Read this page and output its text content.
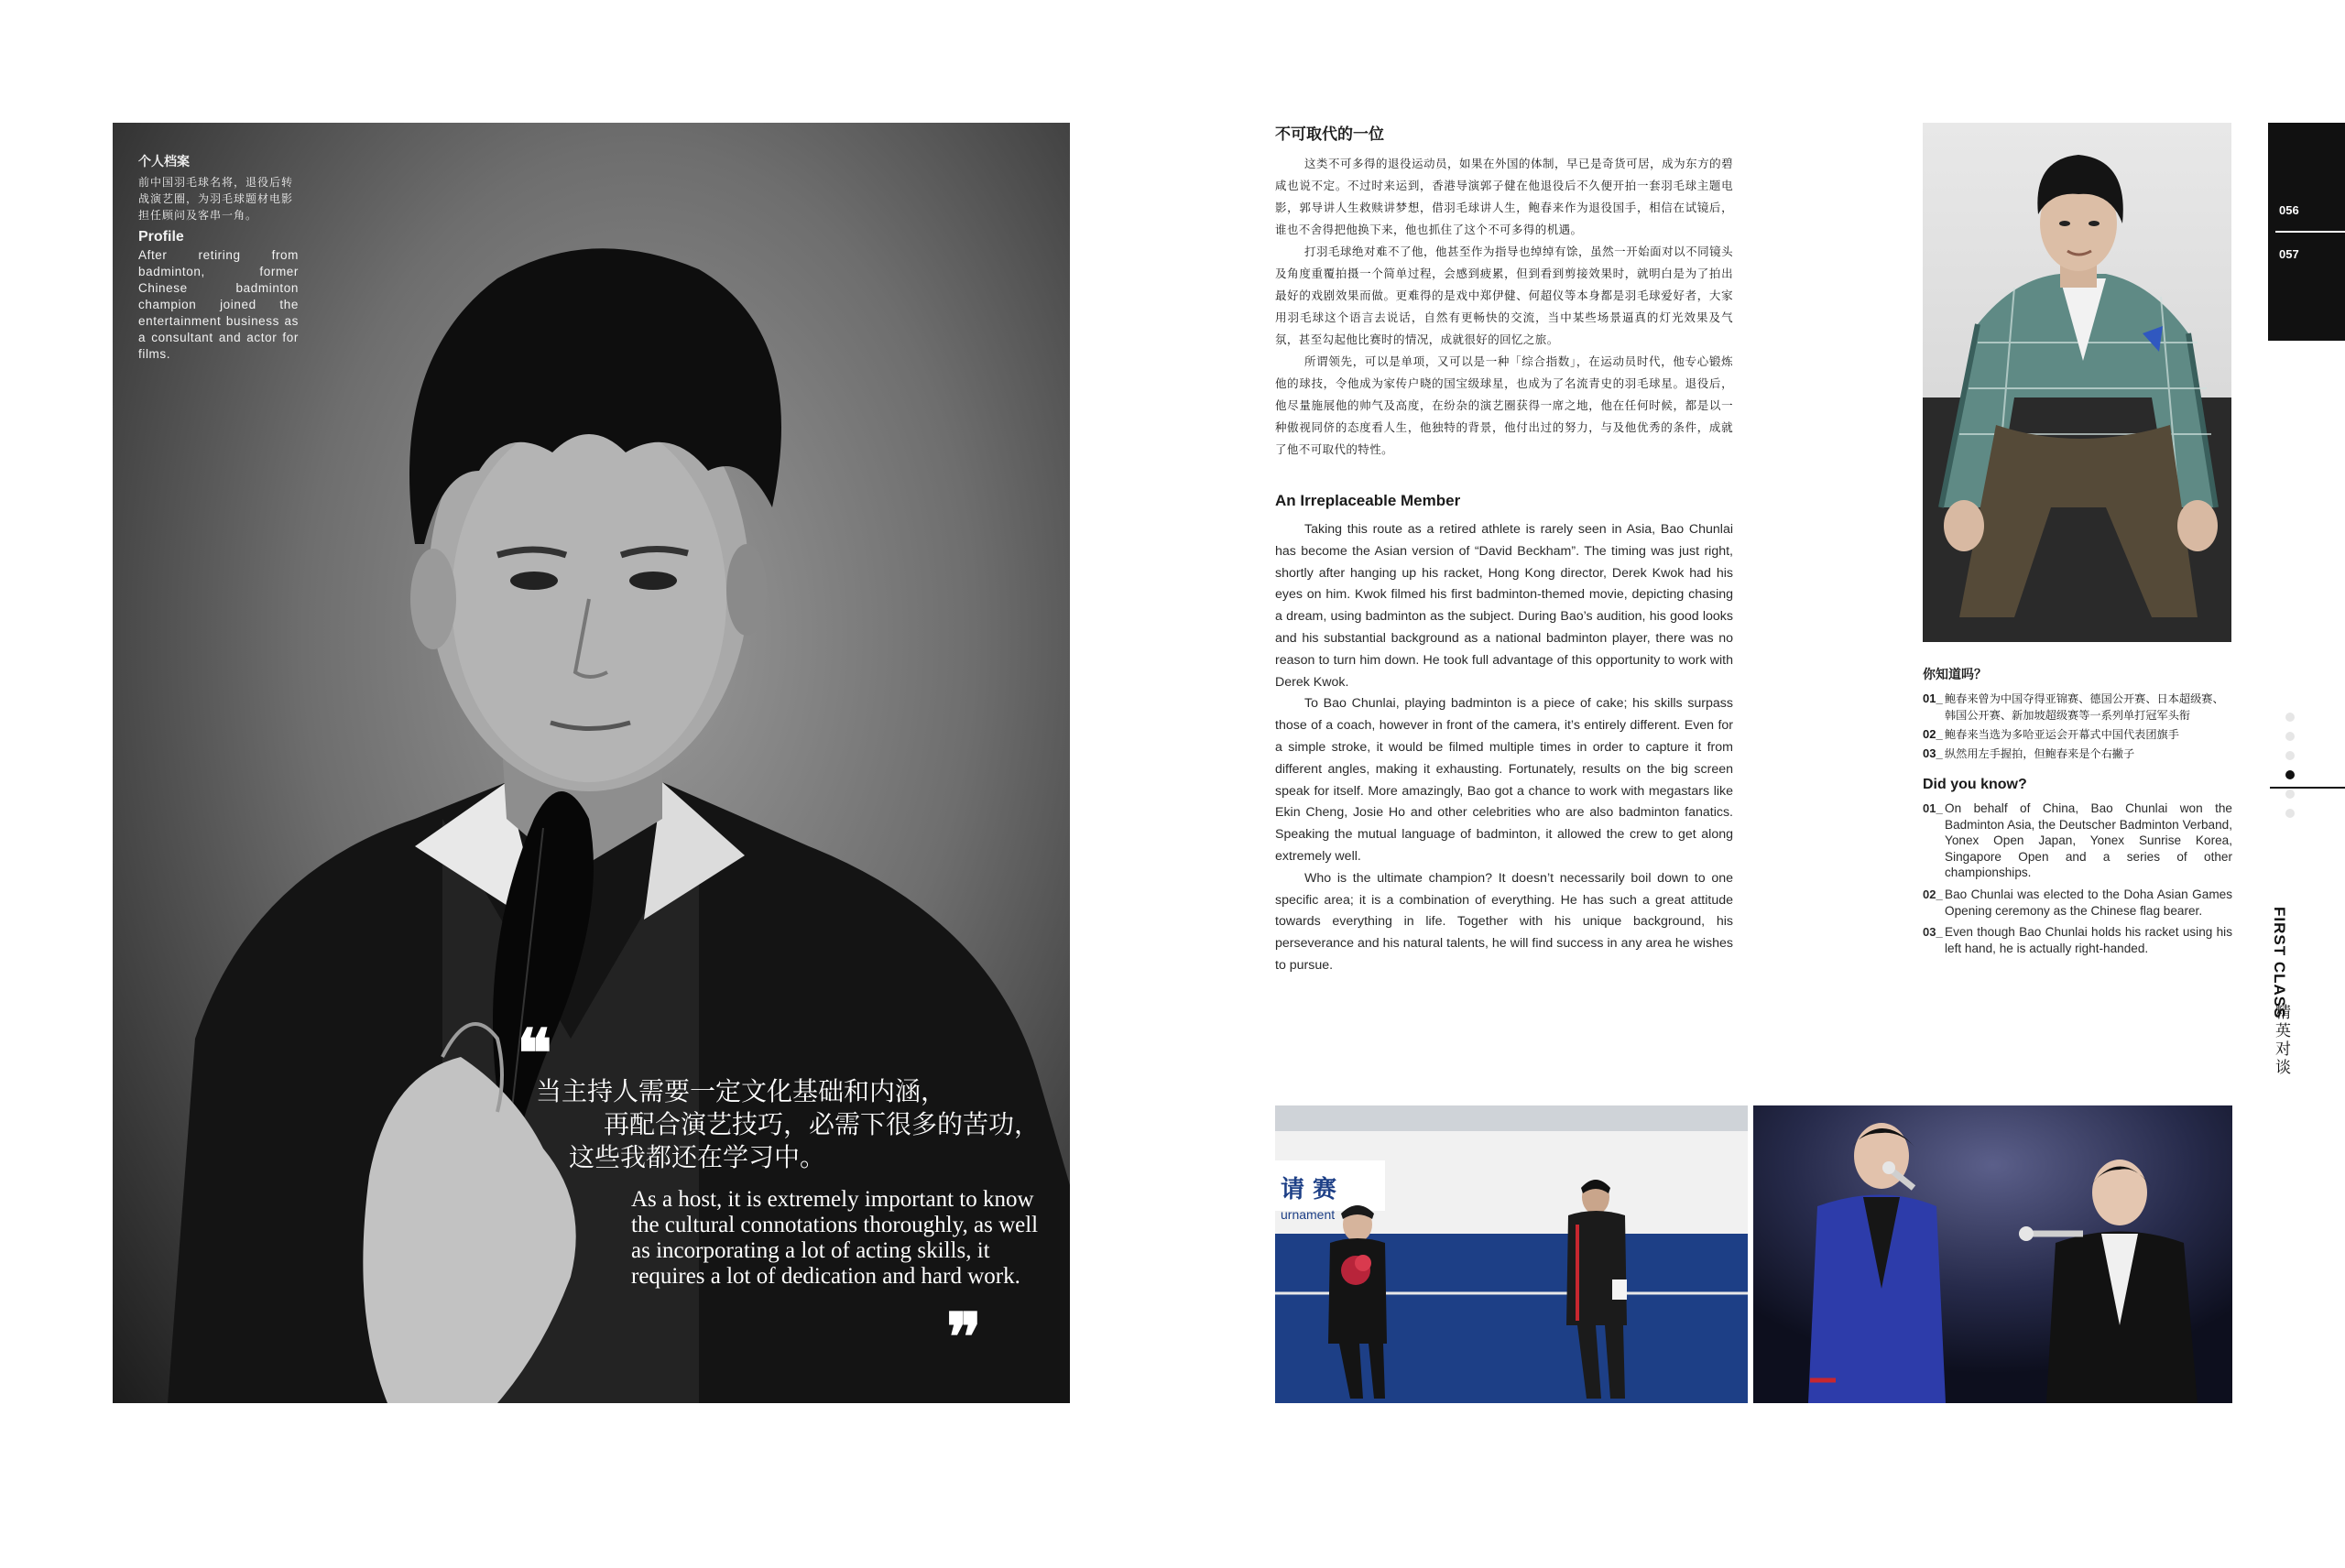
个人档案
前中国羽毛球名将，退役后转战演艺圈，为羽毛球题材电影担任顾问及客串一角。
Profile
After retiring from badminton, former Chinese badminton champion joined the entertainment business as a consultant and actor for films.
❝
当主持人需要一定文化基础和内涵，
再配合演艺技巧，必需下很多的苦功，
这些我都还在学习中。
As a host, it is extremely important to know the cultural connotations thoroughly, as well as incorporating a lot of acting skills, it requires a lot of dedication and hard work.
❞
不可取代的一位

这类不可多得的退役运动员，如果在外国的体制，早已是奇货可居，成为东方的碧咸也说不定。不过时来运到，香港导演郭子健在他退役后不久便开拍一套羽毛球主题电影，郭导讲人生救赎讲梦想，借羽毛球讲人生，鲍春来作为退役国手，相信在试镜后，谁也不舍得把他换下来，他也抓住了这个不可多得的机遇。

打羽毛球绝对难不了他，他甚至作为指导也绰绰有馀，虽然一开始面对以不同镜头及角度重覆拍摄一个简单过程，会感到疲累，但到看到剪接效果时，就明白是为了拍出最好的戏剧效果而做。更难得的是戏中郑伊健、何超仪等本身都是羽毛球爱好者，大家用羽毛球这个语言去说话，自然有更畅快的交流，当中某些场景逼真的灯光效果及气氛，甚至勾起他比赛时的情况，成就很好的回忆之旅。

所谓领先，可以是单项，又可以是一种「综合指数」，在运动员时代，他专心锻炼他的球技，令他成为家传户晓的国宝级球星，也成为了名流青史的羽毛球星。退役后，他尽量施展他的帅气及高度，在纷杂的演艺圈获得一席之地，他在任何时候，都是以一种傲视同侪的态度看人生，他独特的背景，他付出过的努力，与及他优秀的条件，成就了他不可取代的特性。

An Irreplaceable Member

Taking this route as a retired athlete is rarely seen in Asia, Bao Chunlai has become the Asian version of “David Beckham”. The timing was just right, shortly after hanging up his racket, Hong Kong director, Derek Kwok had his eyes on him. Kwok filmed his first badminton-themed movie, depicting chasing a dream, using badminton as the subject. During Bao’s audition, his good looks and his substantial background as a national badminton player, there was no reason to turn him down. He took full advantage of this opportunity to work with Derek Kwok.

To Bao Chunlai, playing badminton is a piece of cake; his skills surpass those of a coach, however in front of the camera, it’s entirely different. Even for a simple stroke, it would be filmed multiple times in order to capture it from different angles, making it exhausting. Fortunately, results on the big screen speak for itself. More amazingly, Bao got a chance to work with megastars like Ekin Cheng, Josie Ho and other celebrities who are also badminton fanatics. Speaking the mutual language of badminton, it allowed the crew to get along extremely well.

Who is the ultimate champion? It doesn’t necessarily boil down to one specific area; it is a combination of everything. He has such a great attitude towards everything in life. Together with his unique background, his perseverance and his natural talents, he will find success in any area he wishes to pursue.

你知道吗？
01_ 鲍春来曾为中国夺得亚锦赛、德国公开赛、日本超级赛、韩国公开赛、新加坡超级赛等一系列单打冠军头衔
02_ 鲍春来当选为多哈亚运会开幕式中国代表团旗手
03_ 纵然用左手握拍，但鲍春来是个右撇子
Did you know?
01_ On behalf of China, Bao Chunlai won the Badminton Asia, the Deutscher Badminton Verband, Yonex Open Japan, Yonex Sunrise Korea, Singapore Open and a series of other championships.
02_ Bao Chunlai was elected to the Doha Asian Games Opening ceremony as the Chinese flag bearer.
03_ Even though Bao Chunlai holds his racket using his left hand, he is actually right-handed.
请 赛
urnament
056
057
FIRST CLASS
精英对谈
